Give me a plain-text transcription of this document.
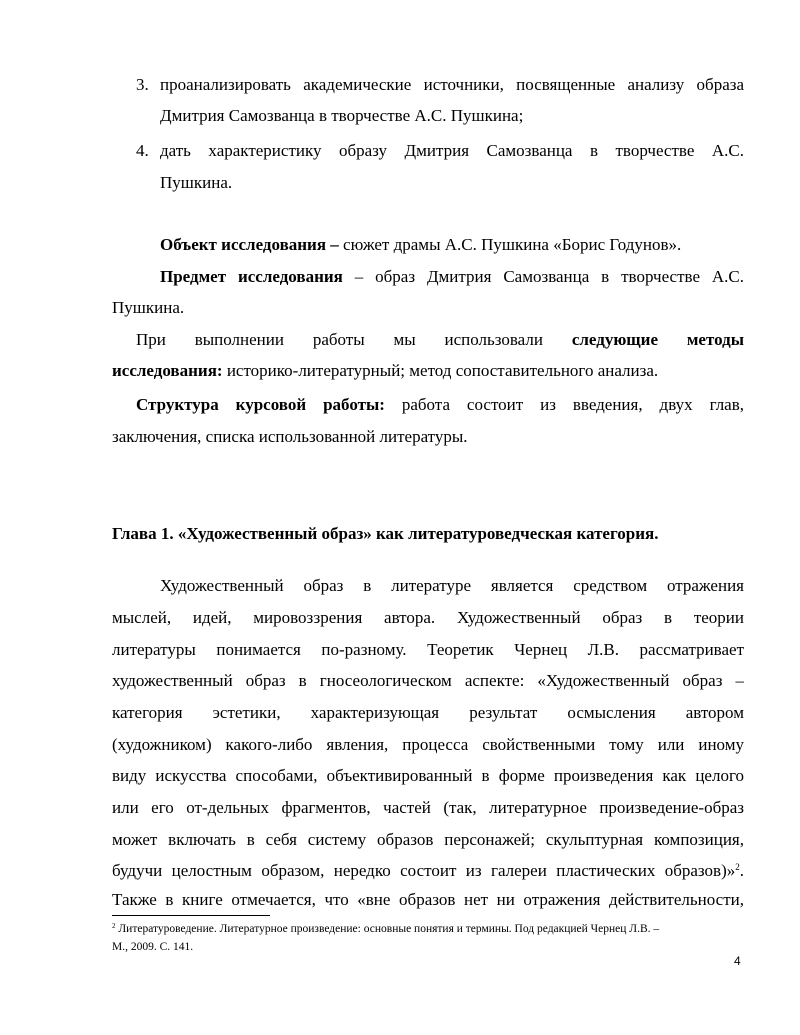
3. проанализировать академические источники, посвященные анализу образа
Дмитрия Самозванца в творчестве А.С. Пушкина;
4. дать характеристику образу Дмитрия Самозванца в творчестве А.С.
Пушкина.
Объект исследования – сюжет драмы А.С. Пушкина «Борис Годунов».
Предмет исследования – образ Дмитрия Самозванца в творчестве А.С.
Пушкина.
При выполнении работы мы использовали следующие методы
исследования: историко-литературный; метод сопоставительного анализа.
Структура курсовой работы: работа состоит из введения, двух глав,
заключения, списка использованной литературы.
Глава 1. «Художественный образ» как литературоведческая категория.
Художественный образ в литературе является средством отражения
мыслей, идей, мировоззрения автора. Художественный образ в теории
литературы понимается по-разному. Теоретик Чернец Л.В. рассматривает
художественный образ в гносеологическом аспекте: «Художественный образ –
категория эстетики, характеризующая результат осмысления автором
(художником) какого-либо явления, процесса свойственными тому или иному
виду искусства способами, объективированный в форме произведения как целого
или его от-дельных фрагментов, частей (так, литературное произведение-образ
может включать в себя систему образов персонажей; скульптурная композиция,
будучи целостным образом, нередко состоит из галереи пластических образов)»$^2$.
Также в книге отмечается, что «вне образов нет ни отражения действительности,
$^2$ Литературоведение. Литературное произведение: основные понятия и термины. Под редакцией Чернец Л.В. –
М., 2009. С. 141.
4
